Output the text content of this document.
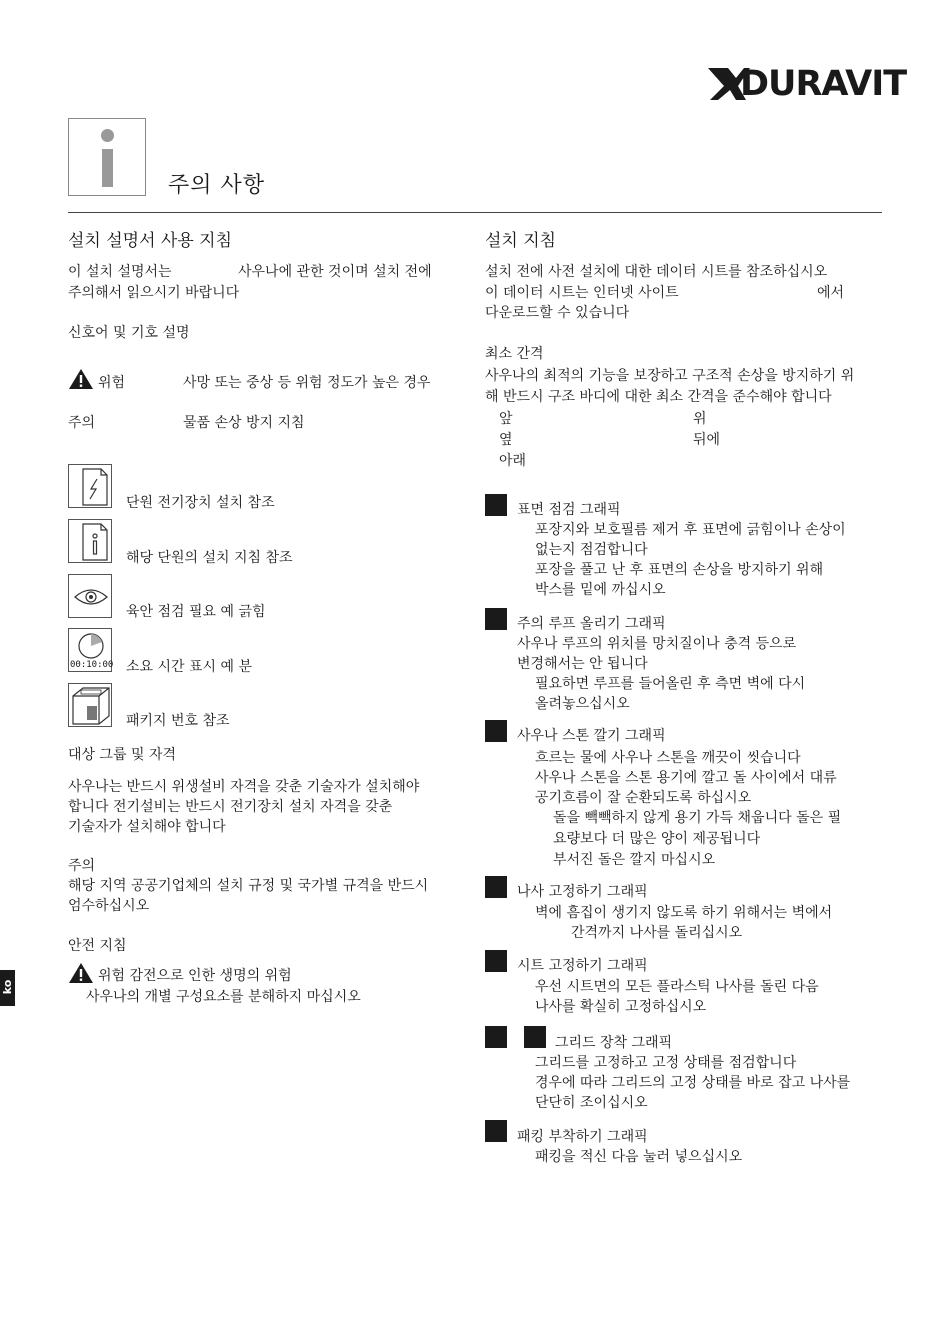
DURAVIT
주의 사항
설치 설명서 사용 지침
이 설치 설명서는	사우나에 관한 것이며 설치 전에
주의해서 읽으시기 바랍니다
신호어 및 기호 설명
위험	사망 또는 중상 등 위험 정도가 높은 경우
주의	물품 손상 방지 지침
단원 전기장치 설치 참조
해당 단원의 설치 지침 참조
육안 점검 필요 예 긁힘
00:10:00 소요 시간 표시 예 분
패키지 번호 참조
대상 그룹 및 자격
사우나는 반드시 위생설비 자격을 갖춘 기술자가 설치해야
합니다 전기설비는 반드시 전기장치 설치 자격을 갖춘
기술자가 설치해야 합니다
주의
해당 지역 공공기업체의 설치 규정 및 국가별 규격을 반드시
엄수하십시오
안전 지침
위험 감전으로 인한 생명의 위험
사우나의 개별 구성요소를 분해하지 마십시오
ko
설치 지침
설치 전에 사전 설치에 대한 데이터 시트를 참조하십시오
이 데이터 시트는 인터넷 사이트	에서
다운로드할 수 있습니다
최소 간격
사우나의 최적의 기능을 보장하고 구조적 손상을 방지하기 위
해 반드시 구조 바디에 대한 최소 간격을 준수해야 합니다
앞	위
옆	뒤에
아래
표면 점검 그래픽
포장지와 보호필름 제거 후 표면에 긁힘이나 손상이
없는지 점검합니다
포장을 풀고 난 후 표면의 손상을 방지하기 위해
박스를 밑에 까십시오
주의 루프 올리기 그래픽
사우나 루프의 위치를 망치질이나 충격 등으로
변경해서는 안 됩니다
필요하면 루프를 들어올린 후 측면 벽에 다시
올려놓으십시오
사우나 스톤 깔기 그래픽
흐르는 물에 사우나 스톤을 깨끗이 씻습니다
사우나 스톤을 스톤 용기에 깔고 돌 사이에서 대류
공기흐름이 잘 순환되도록 하십시오
돌을 빽빽하지 않게 용기 가득 채웁니다 돌은 필
요량보다 더 많은 양이 제공됩니다
부서진 돌은 깔지 마십시오
나사 고정하기 그래픽
벽에 흠집이 생기지 않도록 하기 위해서는 벽에서
간격까지 나사를 돌리십시오
시트 고정하기 그래픽
우선 시트면의 모든 플라스틱 나사를 돌린 다음
나사를 확실히 고정하십시오
그리드 장착 그래픽
그리드를 고정하고 고정 상태를 점검합니다
경우에 따라 그리드의 고정 상태를 바로 잡고 나사를
단단히 조이십시오
패킹 부착하기 그래픽
패킹을 적신 다음 눌러 넣으십시오
